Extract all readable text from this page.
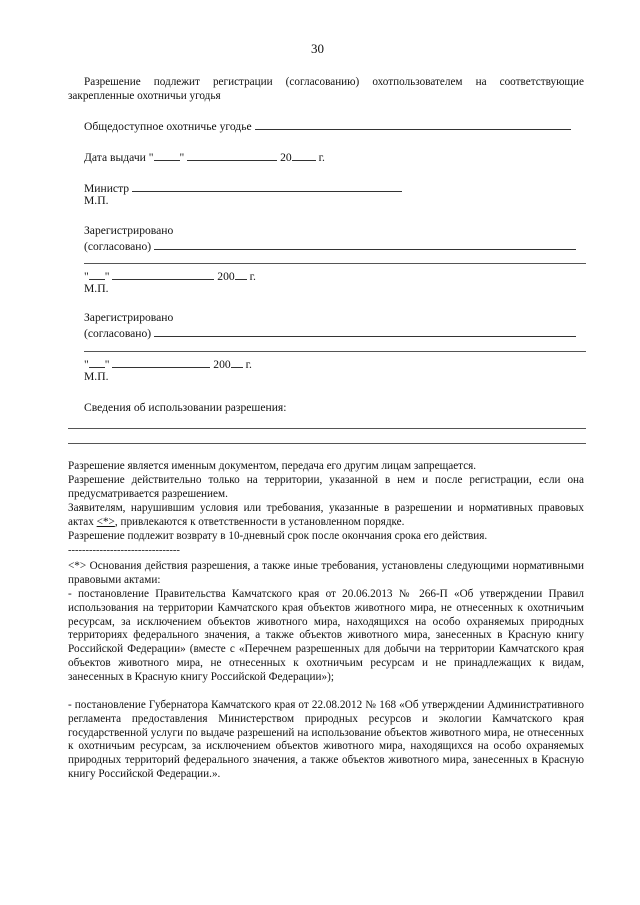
30
Разрешение подлежит регистрации (согласованию) охотпользователем на соответствующие закрепленные охотничьи угодья
Общедоступное охотничье угодье
Дата выдачи " "	20 г.
Министр
М.П.
Зарегистрировано
(согласовано)
" "	200 г.
М.П.
Зарегистрировано
(согласовано)
" "	200 г.
М.П.
Сведения об использовании разрешения:
Разрешение является именным документом, передача его другим лицам запрещается.
Разрешение действительно только на территории, указанной в нем и после регистрации, если она предусматривается разрешением.
Заявителям, нарушившим условия или требования, указанные в разрешении и нормативных правовых актах <*>, привлекаются к ответственности в установленном порядке.
Разрешение подлежит возврату в 10-дневный срок после окончания срока его действия.
--------------------------------
<*> Основания действия разрешения, а также иные требования, установлены следующими нормативными правовыми актами:
- постановление Правительства Камчатского края от 20.06.2013 № 266-П «Об утверждении Правил использования на территории Камчатского края объектов животного мира, не отнесенных к охотничьим ресурсам, за исключением объектов животного мира, находящихся на особо охраняемых природных территориях федерального значения, а также объектов животного мира, занесенных в Красную книгу Российской Федерации» (вместе с «Перечнем разрешенных для добычи на территории Камчатского края объектов животного мира, не отнесенных к охотничьим ресурсам и не принадлежащих к видам, занесенных в Красную книгу Российской Федерации»);
- постановление Губернатора Камчатского края от 22.08.2012 № 168 «Об утверждении Административного регламента предоставления Министерством природных ресурсов и экологии Камчатского края государственной услуги по выдаче разрешений на использование объектов животного мира, не отнесенных к охотничьим ресурсам, за исключением объектов животного мира, находящихся на особо охраняемых природных территорий федерального значения, а также объектов животного мира, занесенных в Красную книгу Российской Федерации.».
